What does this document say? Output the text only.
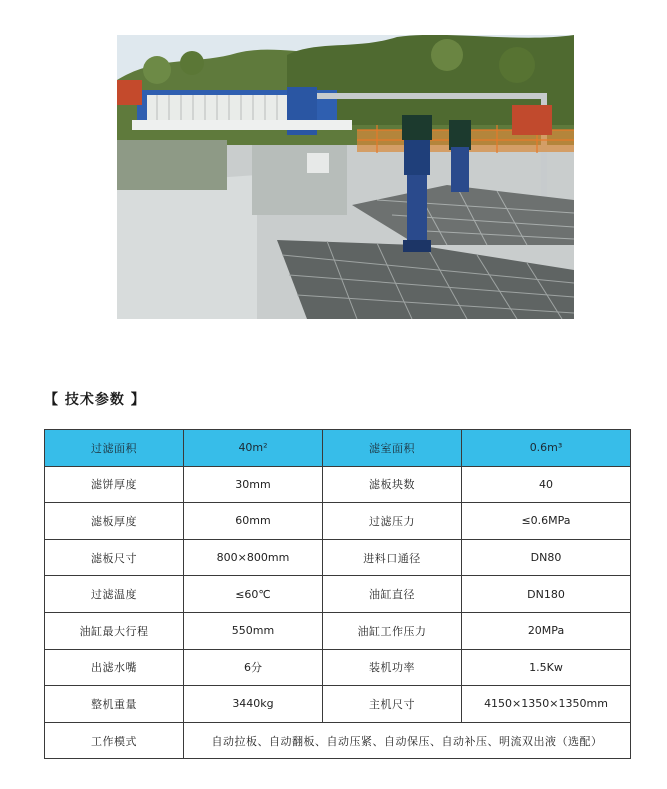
【 技术参数 】
过滤面积	40m²	滤室面积	0.6m³
滤饼厚度	30mm	滤板块数	40
滤板厚度	60mm	过滤压力	≤0.6MPa
滤板尺寸	800×800mm	进料口通径	DN80
过滤温度	≤60℃	油缸直径	DN180
油缸最大行程	550mm	油缸工作压力	20MPa
出滤水嘴	6分	装机功率	1.5Kw
整机重量	3440kg	主机尺寸	4150×1350×1350mm
工作模式	自动拉板、自动翻板、自动压紧、自动保压、自动补压、明流双出液（选配）		
